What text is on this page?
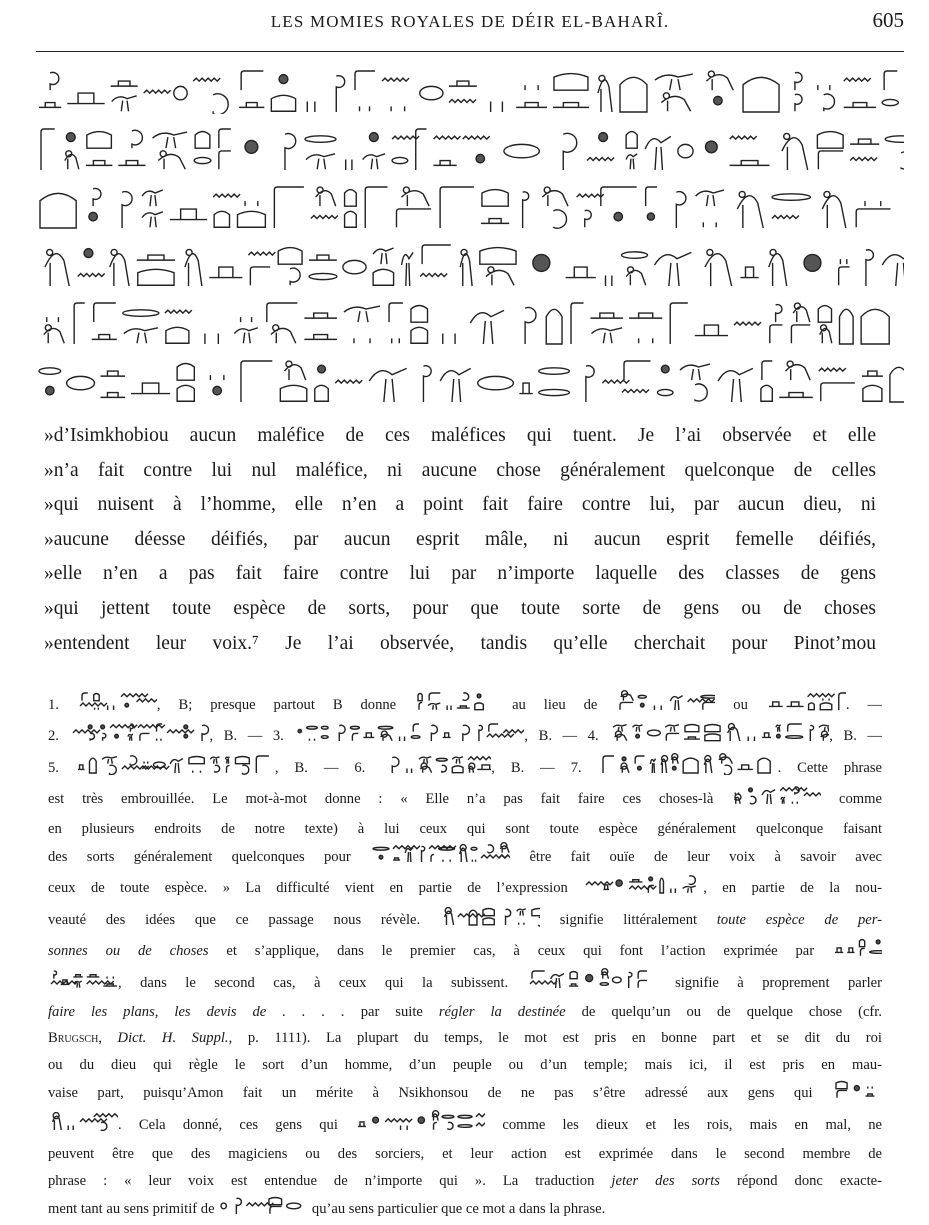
LES MOMIES ROYALES DE DÉIR EL-BAHARÎ.	605
»d’Isimkhobiou aucun maléfice de ces maléfices qui tuent. Je l’ai observée et elle
»n’a fait contre lui nul maléfice, ni aucune chose généralement quelconque de celles
»qui nuisent à l’homme, elle n’en a point fait faire contre lui, par aucun dieu, ni
»aucune déesse déifiés, par aucun esprit mâle, ni aucun esprit femelle déifiés,
»elle n’en a pas fait faire contre lui par n’importe laquelle des classes de gens
»qui jettent toute espèce de sorts, pour que toute sorte de gens ou de choses
»entendent leur voix.⁷ Je l’ai observée, tandis qu’elle cherchait pour Pinot’mou
1.	, B; presque partout B donne	au lieu de	ou	. —
2.	, B. — 3.	, B. — 4.	, B. —
5.	, B. — 6.	, B. — 7.	. Cette phrase
est très embrouillée. Le mot-à-mot donne : « Elle n’a pas fait faire ces choses-là	comme
en plusieurs endroits de notre texte) à lui ceux qui sont toute espèce généralement quelconque faisant
des sorts généralement quelconques pour	être fait ouïe de leur voix à savoir avec
ceux de toute espèce. » La difficulté vient en partie de l’expression	, en partie de la nou-
veauté des idées que ce passage nous révèle.	signifie littéralement toute espèce de per-
sonnes ou de choses et s’applique, dans le premier cas, à ceux qui font l’action exprimée par
, dans le second cas, à ceux qui la subissent.	signifie à proprement parler
faire les plans, les devis de . . . . par suite régler la destinée de quelqu’un ou de quelque chose (cfr.
Brugsch, Dict. H. Suppl., p. 1111). La plupart du temps, le mot est pris en bonne part et se dit du roi
ou du dieu qui règle le sort d’un homme, d’un peuple ou d’un temple; mais ici, il est pris en mau-
vaise part, puisqu’Amon fait un mérite à Nsikhonsou de ne pas s’être adressé aux gens qui
. Cela donné, ces gens qui	comme les dieux et les rois, mais en mal, ne
peuvent être que des magiciens ou des sorciers, et leur action est exprimée dans le second membre de
phrase : « leur voix est entendue de n’importe qui ». La traduction jeter des sorts répond donc exacte-
ment tant au sens primitif de	qu’au sens particulier que ce mot a dans la phrase.
